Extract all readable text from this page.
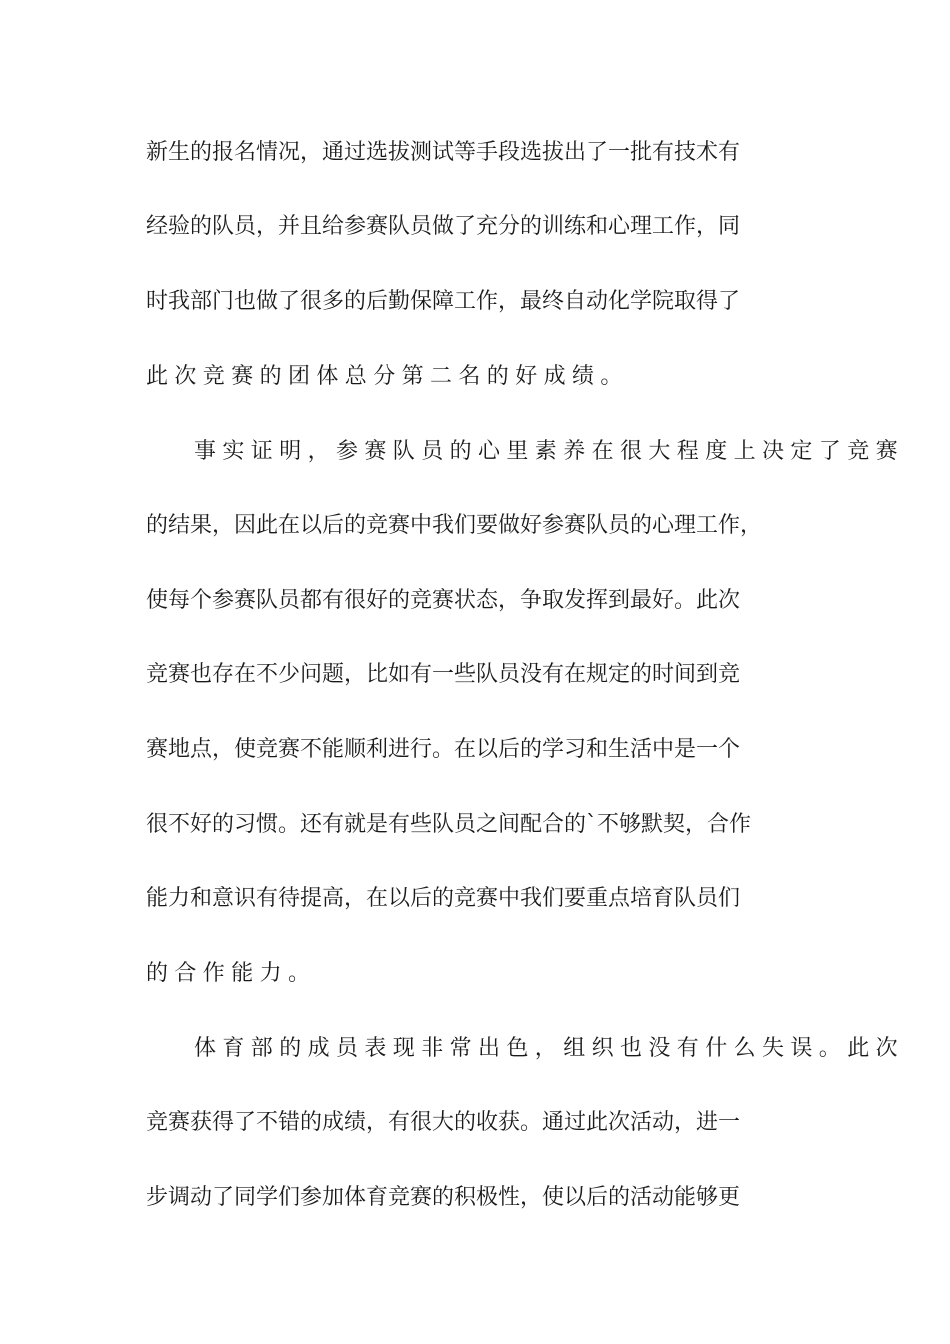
新生的报名情况，通过选拔测试等手段选拔出了一批有技术有
经验的队员，并且给参赛队员做了充分的训练和心理工作，同
时我部门也做了很多的后勤保障工作，最终自动化学院取得了
此次竞赛的团体总分第二名的好成绩。
事实证明，参赛队员的心里素养在很大程度上决定了竞赛
的结果，因此在以后的竞赛中我们要做好参赛队员的心理工作，
使每个参赛队员都有很好的竞赛状态，争取发挥到最好。此次
竞赛也存在不少问题，比如有一些队员没有在规定的时间到竞
赛地点，使竞赛不能顺利进行。在以后的学习和生活中是一个
很不好的习惯。还有就是有些队员之间配合的`不够默契，合作
能力和意识有待提高，在以后的竞赛中我们要重点培育队员们
的合作能力。
体育部的成员表现非常出色，组织也没有什么失误。此次
竞赛获得了不错的成绩，有很大的收获。通过此次活动，进一
步调动了同学们参加体育竞赛的积极性，使以后的活动能够更
